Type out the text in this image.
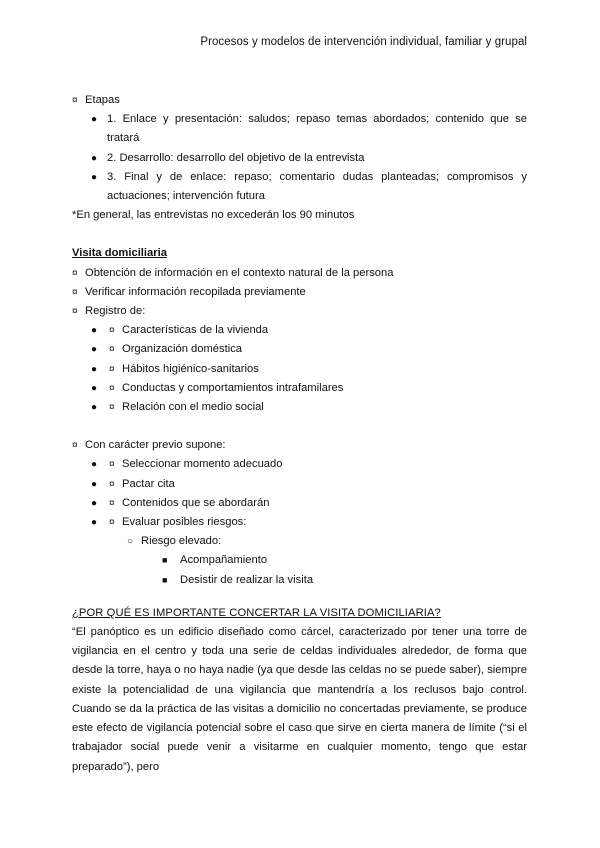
Procesos y modelos de intervención individual, familiar y grupal
¤ Etapas
● 1. Enlace y presentación: saludos; repaso temas abordados; contenido que se tratará
● 2. Desarrollo: desarrollo del objetivo de la entrevista
● 3. Final y de enlace: repaso; comentario dudas planteadas; compromisos y actuaciones; intervención futura
*En general, las entrevistas no excederán los 90 minutos
Visita domiciliaria
¤ Obtención de información en el contexto natural de la persona
¤ Verificar información recopilada previamente
¤ Registro de:
● ¤ Características de la vivienda
● ¤ Organización doméstica
● ¤ Hábitos higiénico-sanitarios
● ¤ Conductas y comportamientos intrafamilares
● ¤ Relación con el medio social
¤ Con carácter previo supone:
● ¤ Seleccionar momento adecuado
● ¤ Pactar cita
● ¤ Contenidos que se abordarán
● ¤ Evaluar posibles riesgos:
○ Riesgo elevado:
■ Acompañamiento
■ Desistir de realizar la visita
¿POR QUÉ ES IMPORTANTE CONCERTAR LA VISITA DOMICILIARIA?
“El panóptico es un edificio diseñado como cárcel, caracterizado por tener una torre de vigilancia en el centro y toda una serie de celdas individuales alrededor, de forma que desde la torre, haya o no haya nadie (ya que desde las celdas no se puede saber), siempre existe la potencialidad de una vigilancia que mantendría a los reclusos bajo control. Cuando se da la práctica de las visitas a domicilio no concertadas previamente, se produce este efecto de vigilancia potencial sobre el caso que sirve en cierta manera de límite (“si el trabajador social puede venir a visitarme en cualquier momento, tengo que estar preparado”), pero
